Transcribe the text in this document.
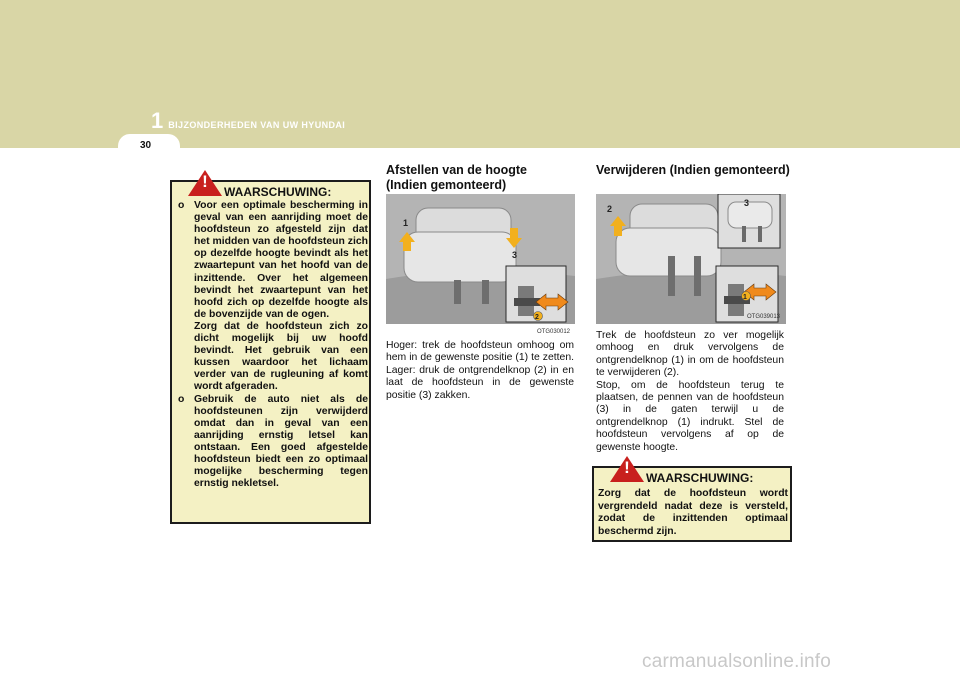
1 BIJZONDERHEDEN VAN UW HYUNDAI
30
!
WAARSCHUWING:
o Voor een optimale bescherming in geval van een aanrijding moet de hoofdsteun zo afgesteld zijn dat het midden van de hoofdsteun zich op dezelfde hoogte bevindt als het zwaartepunt van het hoofd van de inzittende. Over het algemeen bevindt het zwaartepunt van het hoofd zich op dezelfde hoogte als de bovenzijde van de ogen.
Zorg dat de hoofdsteun zich zo dicht mogelijk bij uw hoofd bevindt. Het gebruik van een kussen waardoor het lichaam verder van de rugleuning af komt wordt afgeraden.
o Gebruik de auto niet als de hoofdsteunen zijn verwijderd omdat dan in geval van een aanrijding ernstig letsel kan ontstaan. Een goed afgestelde hoofdsteun biedt een zo optimaal mogelijke bescherming tegen ernstig nekletsel.
Afstellen van de hoogte
(Indien gemonteerd)
1
2
3
OTG030012
Hoger: trek de hoofdsteun omhoog om hem in de gewenste positie (1) te zetten. Lager: druk de ontgrendelknop (2) in en laat de hoofdsteun in de gewenste positie (3) zakken.
Verwijderen (Indien gemonteerd)
2
1
3
OTG039013
Trek de hoofdsteun zo ver mogelijk omhoog en druk vervolgens de ontgrendelknop (1) in om de hoofdsteun te verwijderen (2).
Stop, om de hoofdsteun terug te plaatsen, de pennen van de hoofdsteun (3) in de gaten terwijl u de ontgrendelknop (1) indrukt. Stel de hoofdsteun vervolgens af op de gewenste hoogte.
!
WAARSCHUWING:
Zorg dat de hoofdsteun wordt vergrendeld nadat deze is versteld, zodat de inzittenden optimaal beschermd zijn.
carmanualsonline.info
